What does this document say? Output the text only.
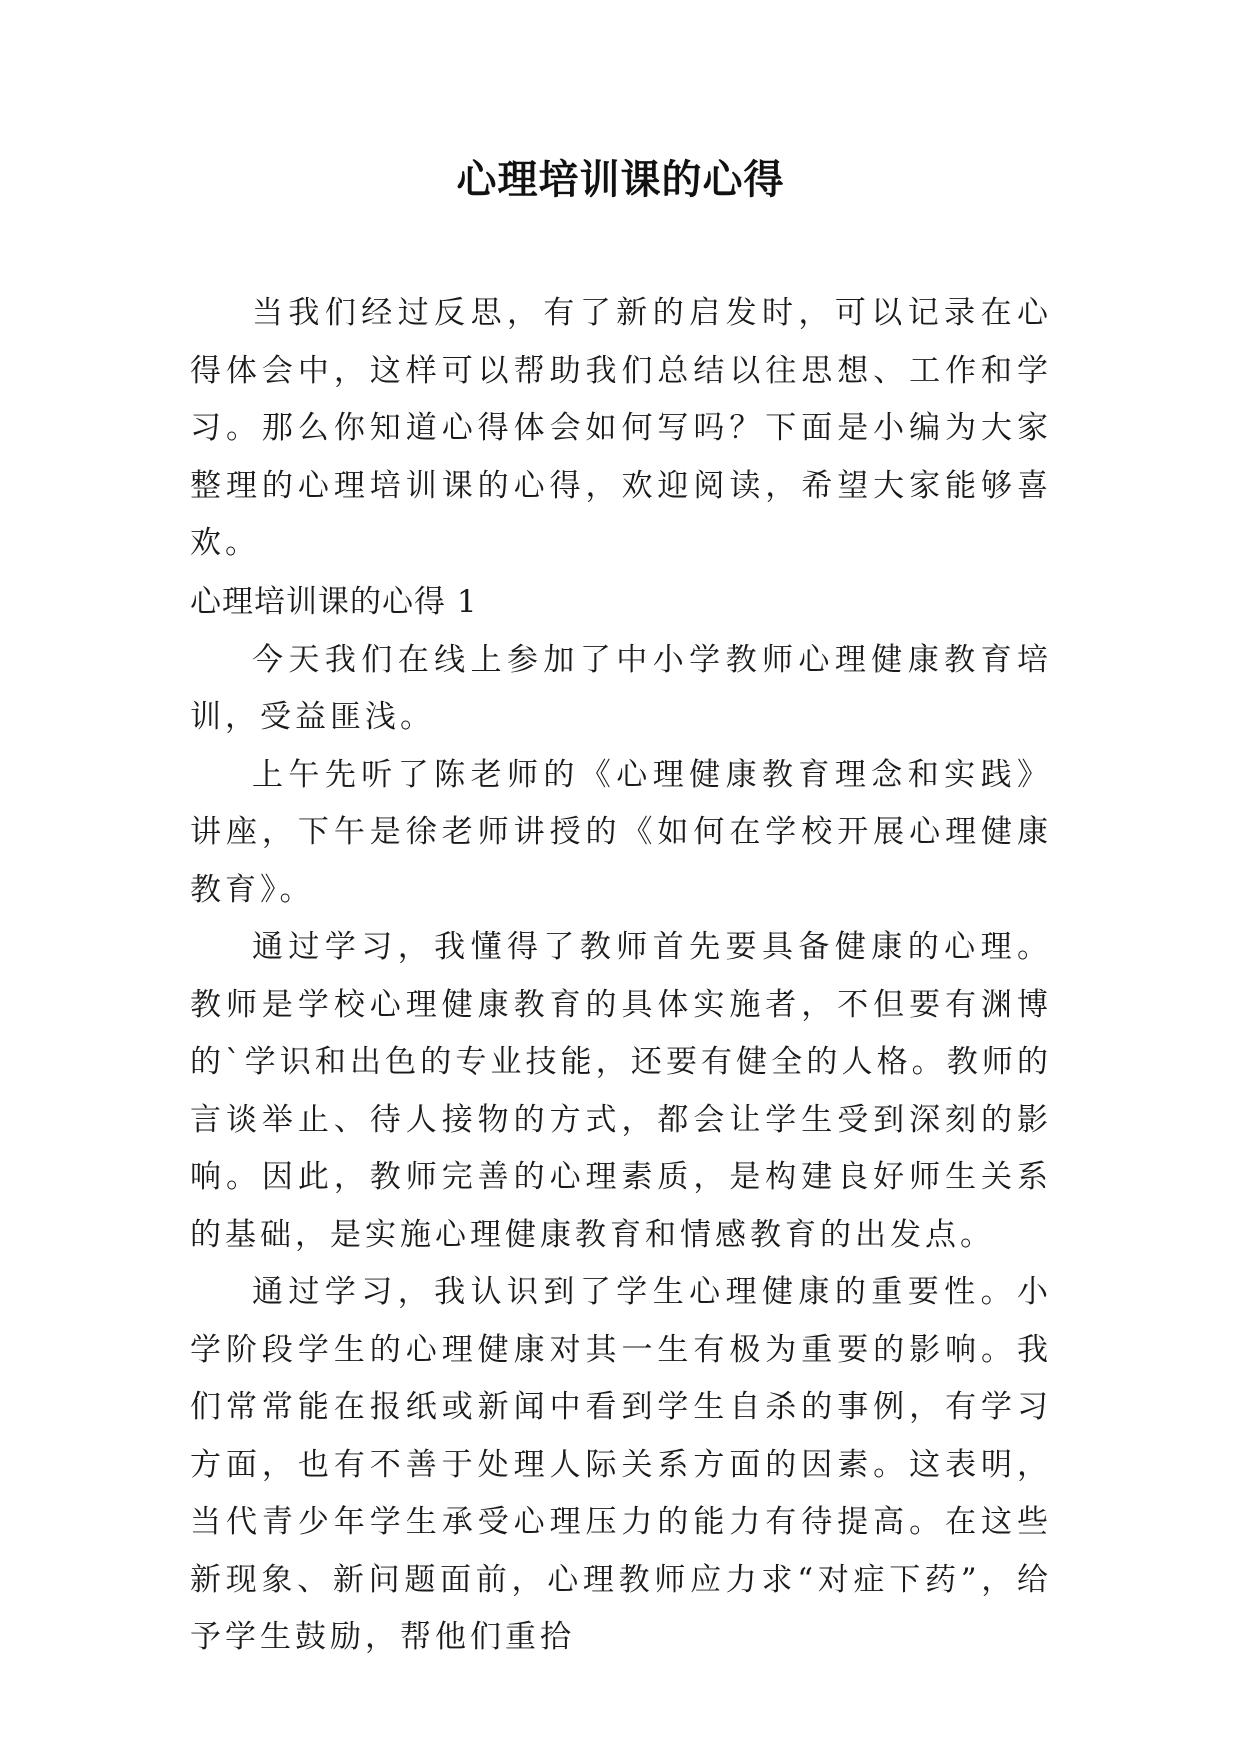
心理培训课的心得

当我们经过反思，有了新的启发时，可以记录在心得体会中，这样可以帮助我们总结以往思想、工作和学习。那么你知道心得体会如何写吗？下面是小编为大家整理的心理培训课的心得，欢迎阅读，希望大家能够喜欢。

心理培训课的心得 1

今天我们在线上参加了中小学教师心理健康教育培训，受益匪浅。

上午先听了陈老师的《心理健康教育理念和实践》讲座，下午是徐老师讲授的《如何在学校开展心理健康教育》。

通过学习，我懂得了教师首先要具备健康的心理。教师是学校心理健康教育的具体实施者，不但要有渊博的`学识和出色的专业技能，还要有健全的人格。教师的言谈举止、待人接物的方式，都会让学生受到深刻的影响。因此，教师完善的心理素质，是构建良好师生关系的基础，是实施心理健康教育和情感教育的出发点。

通过学习，我认识到了学生心理健康的重要性。小学阶段学生的心理健康对其一生有极为重要的影响。我们常常能在报纸或新闻中看到学生自杀的事例，有学习方面，也有不善于处理人际关系方面的因素。这表明，当代青少年学生承受心理压力的能力有待提高。在这些新现象、新问题面前，心理教师应力求“对症下药”，给予学生鼓励，帮他们重拾
